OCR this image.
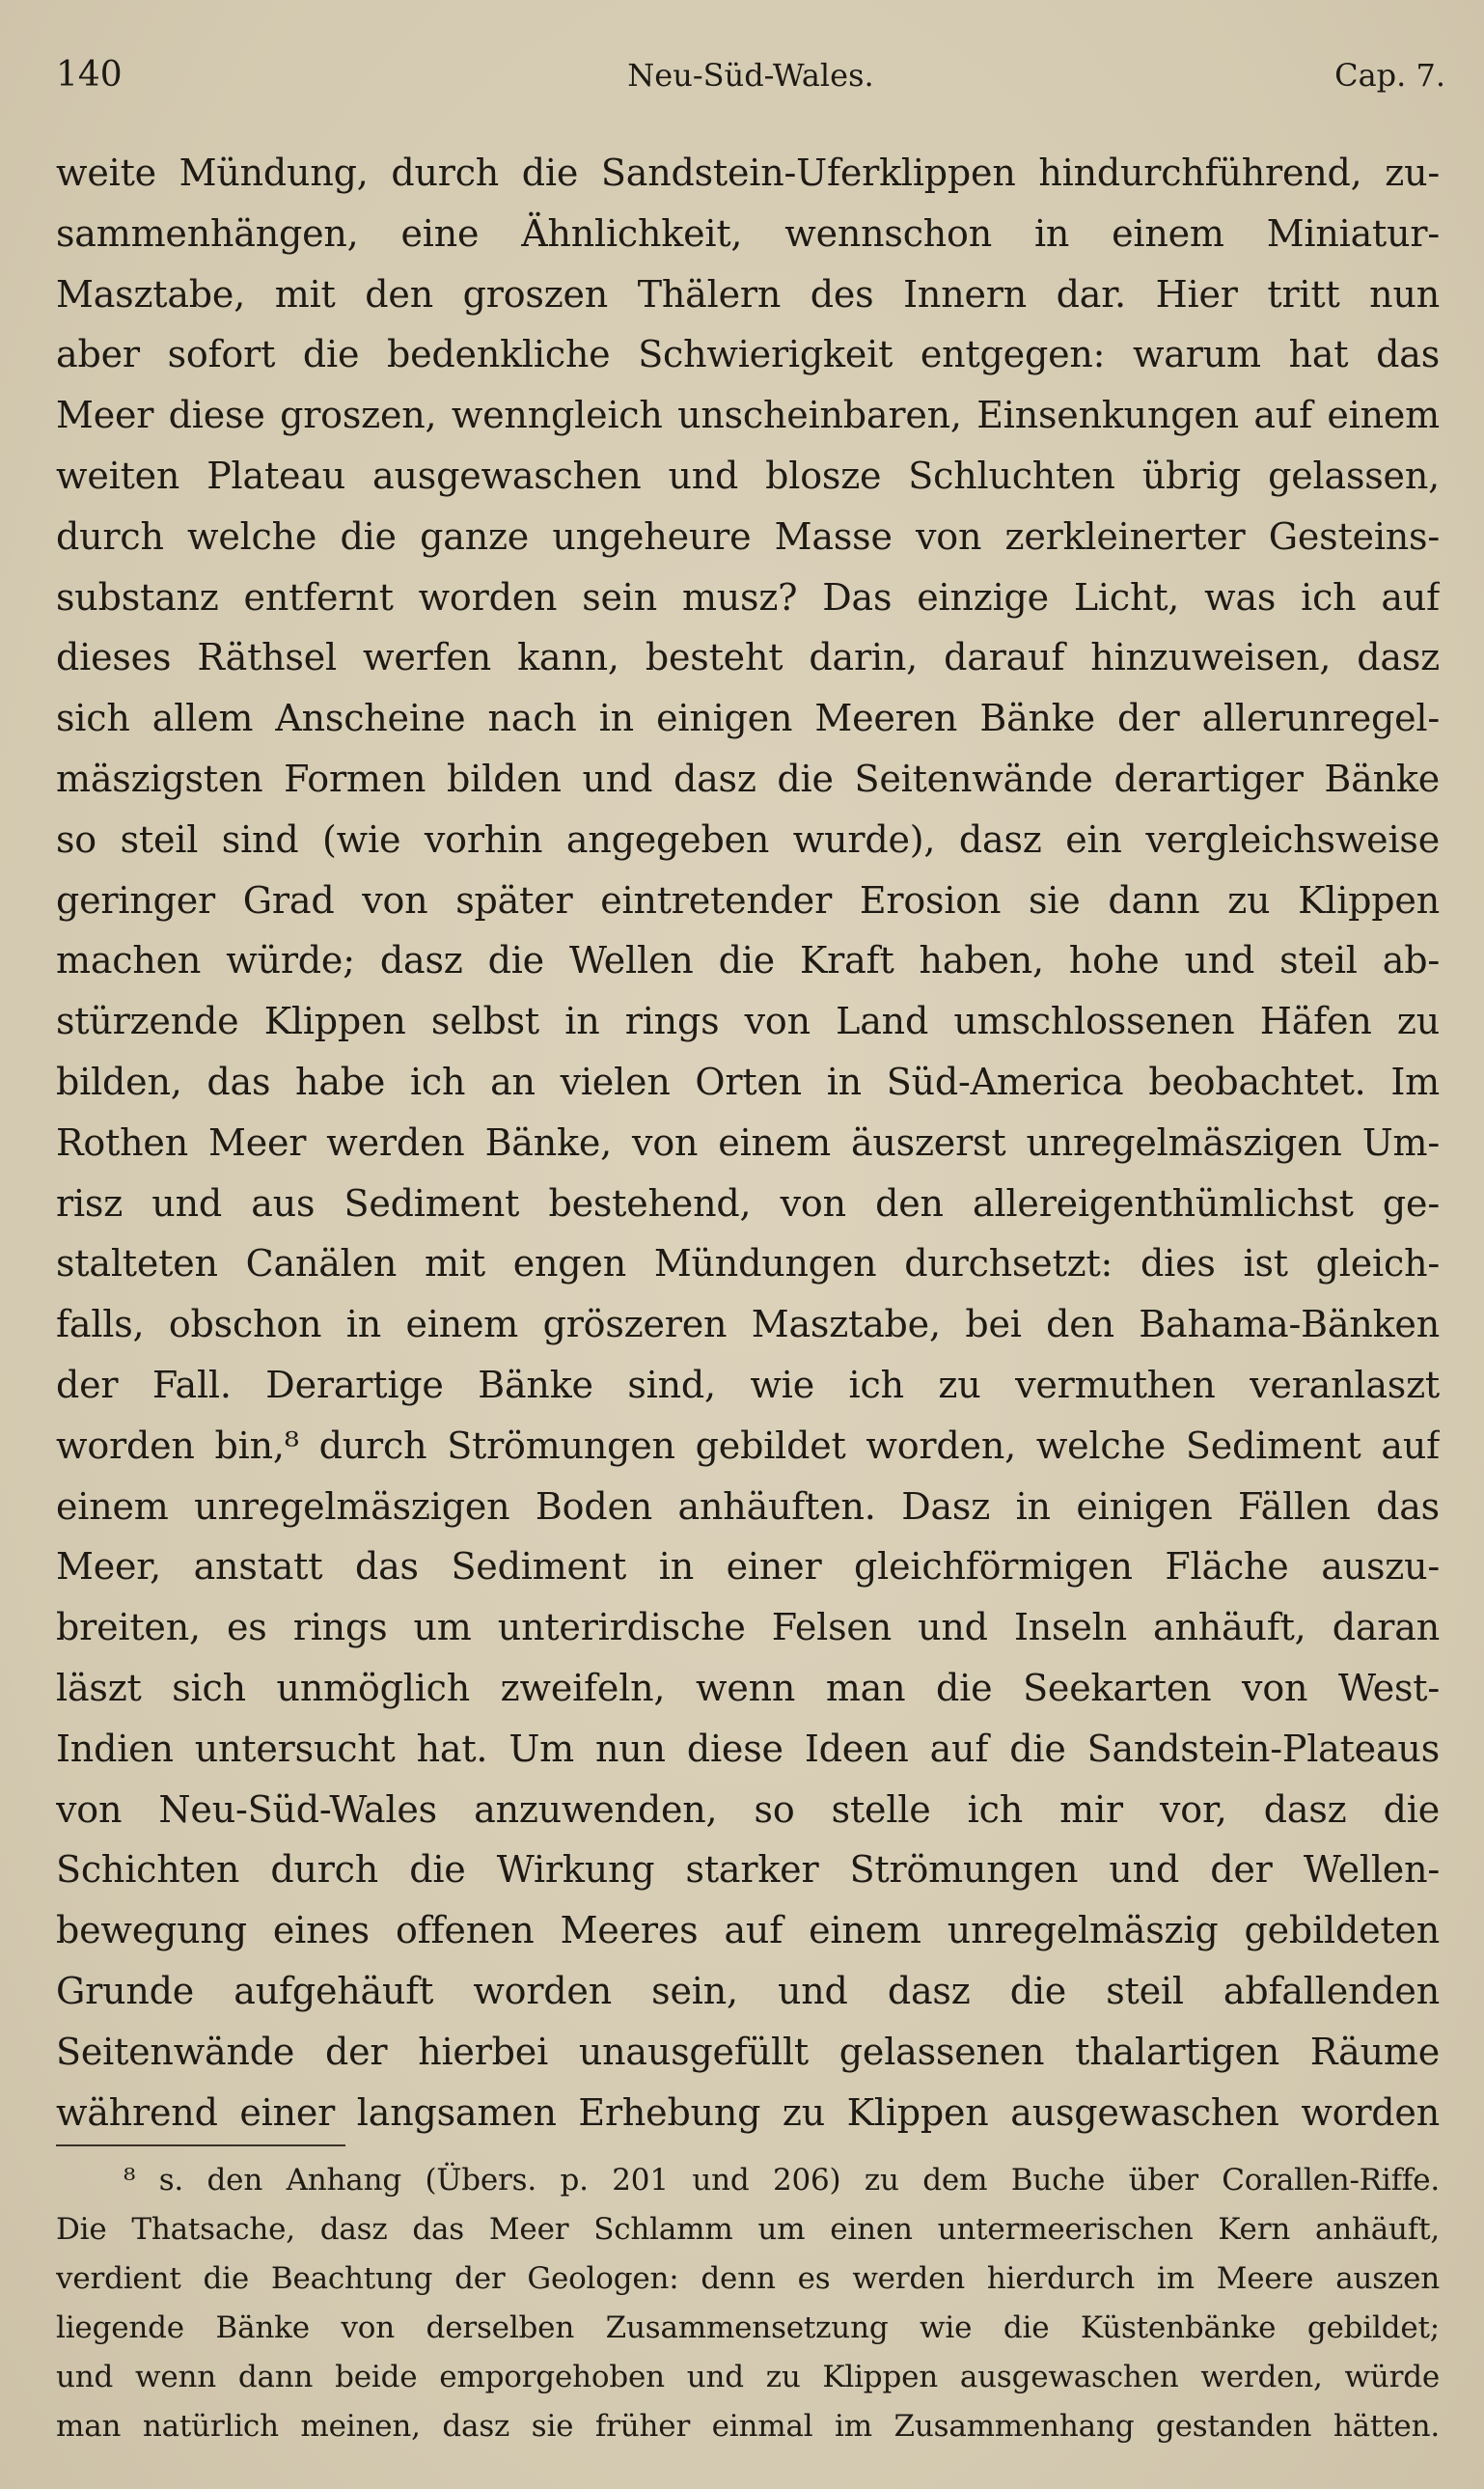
140	Neu-Süd-Wales.	Cap. 7.
weite Mündung, durch die Sandstein-Uferklippen hindurchführend, zu-
sammenhängen, eine Ähnlichkeit, wennschon in einem Miniatur-
Masztabe, mit den groszen Thälern des Innern dar. Hier tritt nun
aber sofort die bedenkliche Schwierigkeit entgegen: warum hat das
Meer diese groszen, wenngleich unscheinbaren, Einsenkungen auf einem
weiten Plateau ausgewaschen und blosze Schluchten übrig gelassen,
durch welche die ganze ungeheure Masse von zerkleinerter Gesteins-
substanz entfernt worden sein musz? Das einzige Licht, was ich auf
dieses Räthsel werfen kann, besteht darin, darauf hinzuweisen, dasz
sich allem Anscheine nach in einigen Meeren Bänke der allerunregel-
mäszigsten Formen bilden und dasz die Seitenwände derartiger Bänke
so steil sind (wie vorhin angegeben wurde), dasz ein vergleichsweise
geringer Grad von später eintretender Erosion sie dann zu Klippen
machen würde; dasz die Wellen die Kraft haben, hohe und steil ab-
stürzende Klippen selbst in rings von Land umschlossenen Häfen zu
bilden, das habe ich an vielen Orten in Süd-America beobachtet. Im
Rothen Meer werden Bänke, von einem äuszerst unregelmäszigen Um-
risz und aus Sediment bestehend, von den allereigenthümlichst ge-
stalteten Canälen mit engen Mündungen durchsetzt: dies ist gleich-
falls, obschon in einem gröszeren Masztabe, bei den Bahama-Bänken
der Fall. Derartige Bänke sind, wie ich zu vermuthen veranlaszt
worden bin,⁸ durch Strömungen gebildet worden, welche Sediment auf
einem unregelmäszigen Boden anhäuften. Dasz in einigen Fällen das
Meer, anstatt das Sediment in einer gleichförmigen Fläche auszu-
breiten, es rings um unterirdische Felsen und Inseln anhäuft, daran
läszt sich unmöglich zweifeln, wenn man die Seekarten von West-
Indien untersucht hat. Um nun diese Ideen auf die Sandstein-Plateaus
von Neu-Süd-Wales anzuwenden, so stelle ich mir vor, dasz die
Schichten durch die Wirkung starker Strömungen und der Wellen-
bewegung eines offenen Meeres auf einem unregelmäszig gebildeten
Grunde aufgehäuft worden sein, und dasz die steil abfallenden
Seitenwände der hierbei unausgefüllt gelassenen thalartigen Räume
während einer langsamen Erhebung zu Klippen ausgewaschen worden
⁸ s. den Anhang (Übers. p. 201 und 206) zu dem Buche über Corallen-Riffe.
Die Thatsache, dasz das Meer Schlamm um einen untermeerischen Kern anhäuft,
verdient die Beachtung der Geologen: denn es werden hierdurch im Meere auszen
liegende Bänke von derselben Zusammensetzung wie die Küstenbänke gebildet;
und wenn dann beide emporgehoben und zu Klippen ausgewaschen werden, würde
man natürlich meinen, dasz sie früher einmal im Zusammenhang gestanden hätten.
